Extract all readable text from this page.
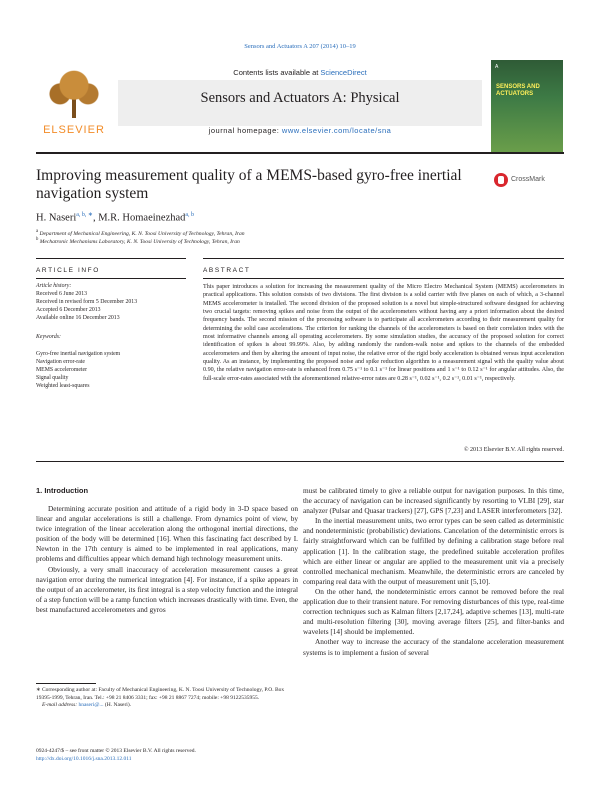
Sensors and Actuators A 207 (2014) 10–19
ELSEVIER
Contents lists available at ScienceDirect
Sensors and Actuators A: Physical
journal homepage: www.elsevier.com/locate/sna
A
SENSORS AND ACTUATORS
Improving measurement quality of a MEMS-based gyro-free inertial navigation system
CrossMark
H. Naseri$^{a, b, ∗}$, M.R. Homaeinezhad$^{a, b}$
$^a$ Department of Mechanical Engineering, K. N. Toosi University of Technology, Tehran, Iran
$^b$ Mechatronic Mechanisms Laboratory, K. N. Toosi University of Technology, Tehran, Iran
ARTICLE INFO
Article history:
Received 6 June 2013
Received in revised form 5 December 2013
Accepted 6 December 2013
Available online 16 December 2013
Keywords:
Gyro-free inertial navigation system
Navigation error-rate
MEMS accelerometer
Signal quality
Weighted least-squares
ABSTRACT
This paper introduces a solution for increasing the measurement quality of the Micro Electro Mechanical System (MEMS) accelerometers in practical applications. This solution consists of two divisions. The first division is a solid carrier with five planes on each of which, a 3-channel MEMS accelerometer is installed. The second division of the proposed solution is a novel but simple-structured software designed for achieving two crucial targets: removing spikes and noise from the output of the accelerometers without having any a priori information about the desired frequency bands. The second mission of the processing software is to participate all accelerometers according to their measurement quality for determining the solid case accelerations. The criterion for ranking the channels of the accelerometers is based on their correlation index with the most informative channels among all operating accelerometers. By some simulation studies, the accuracy of the proposed solution for correct identification of spikes is about 99.99%. Also, by adding randomly the random-walk noise and spikes to the channels of the embedded accelerometers and then by altering the amount of input noise, the relative error of the rigid body acceleration is obtained versus input acceleration quality. As an instance, by implementing the proposed noise and spike reduction algorithm to a measurement signal with the quality value about 0.90, the relative navigation error-rate is enhanced from 0.75 s⁻¹ to 0.1 s⁻¹ for linear positions and 1 s⁻¹ to 0.12 s⁻¹ for angular attitudes. Also, the full-scale error-rates associated with the aforementioned relative-error rates are 0.28 s⁻¹, 0.02 s⁻¹, 0.2 s⁻¹, 0.01 s⁻¹, respectively.
© 2013 Elsevier B.V. All rights reserved.
1. Introduction
Determining accurate position and attitude of a rigid body in 3-D space based on linear and angular accelerations is still a challenge. From dynamics point of view, by twice integration of the linear acceleration along the orthogonal inertial directions, the position of the body will be determined [16]. When this fascinating fact described by I. Newton in the 17th century is aimed to be implemented in real applications, many problems and difficulties appear which demand high technology measurement units.
Obviously, a very small inaccuracy of acceleration measurement causes a great navigation error during the numerical integration [4]. For instance, if a spike appears in the output of an accelerometer, its first integral is a step velocity function and the integral of a step function will be a ramp function which increases drastically with time. Even, the best manufactured accelerometers and gyros
must be calibrated timely to give a reliable output for navigation purposes. In this time, the accuracy of navigation can be increased significantly by resorting to VLBI [29], star analyzer (Pulsar and Quasar trackers) [27], GPS [7,23] and LASER interferometers [32].
In the inertial measurement units, two error types can be seen called as deterministic and nondeterministic (probabilistic) deviations. Cancelation of the deterministic errors is fairly straightforward which can be fulfilled by defining a calibration stage before real application [1]. In the calibration stage, the predefined suitable acceleration profiles which are either linear or angular are applied to the measurement unit via a precisely controlled mechanical mechanism. Meanwhile, the deterministic errors are canceled by comparing real data with the output of measurement unit [5,10].
On the other hand, the nondeterministic errors cannot be removed before the real application due to their transient nature. For removing disturbances of this type, real-time correction techniques such as Kalman filters [2,17,24], adaptive schemes [13], multi-rate and multi-resolution filtering [30], moving average filters [25], and filter-banks and wavelets [14] should be implemented.
Another way to increase the accuracy of the standalone acceleration measurement systems is to implement a fusion of several
∗ Corresponding author at: Faculty of Mechanical Engineering, K. N. Toosi University of Technology, P.O. Box 19395-1999, Tehran, Iran. Tel.: +98 21 8406 3331; fax: +98 21 8867 7274; mobile: +98 9122535955.
E-mail address: hnaseri@... (H. Naseri).
0924-4247/$ – see front matter © 2013 Elsevier B.V. All rights reserved.
http://dx.doi.org/10.1016/j.sna.2013.12.011
